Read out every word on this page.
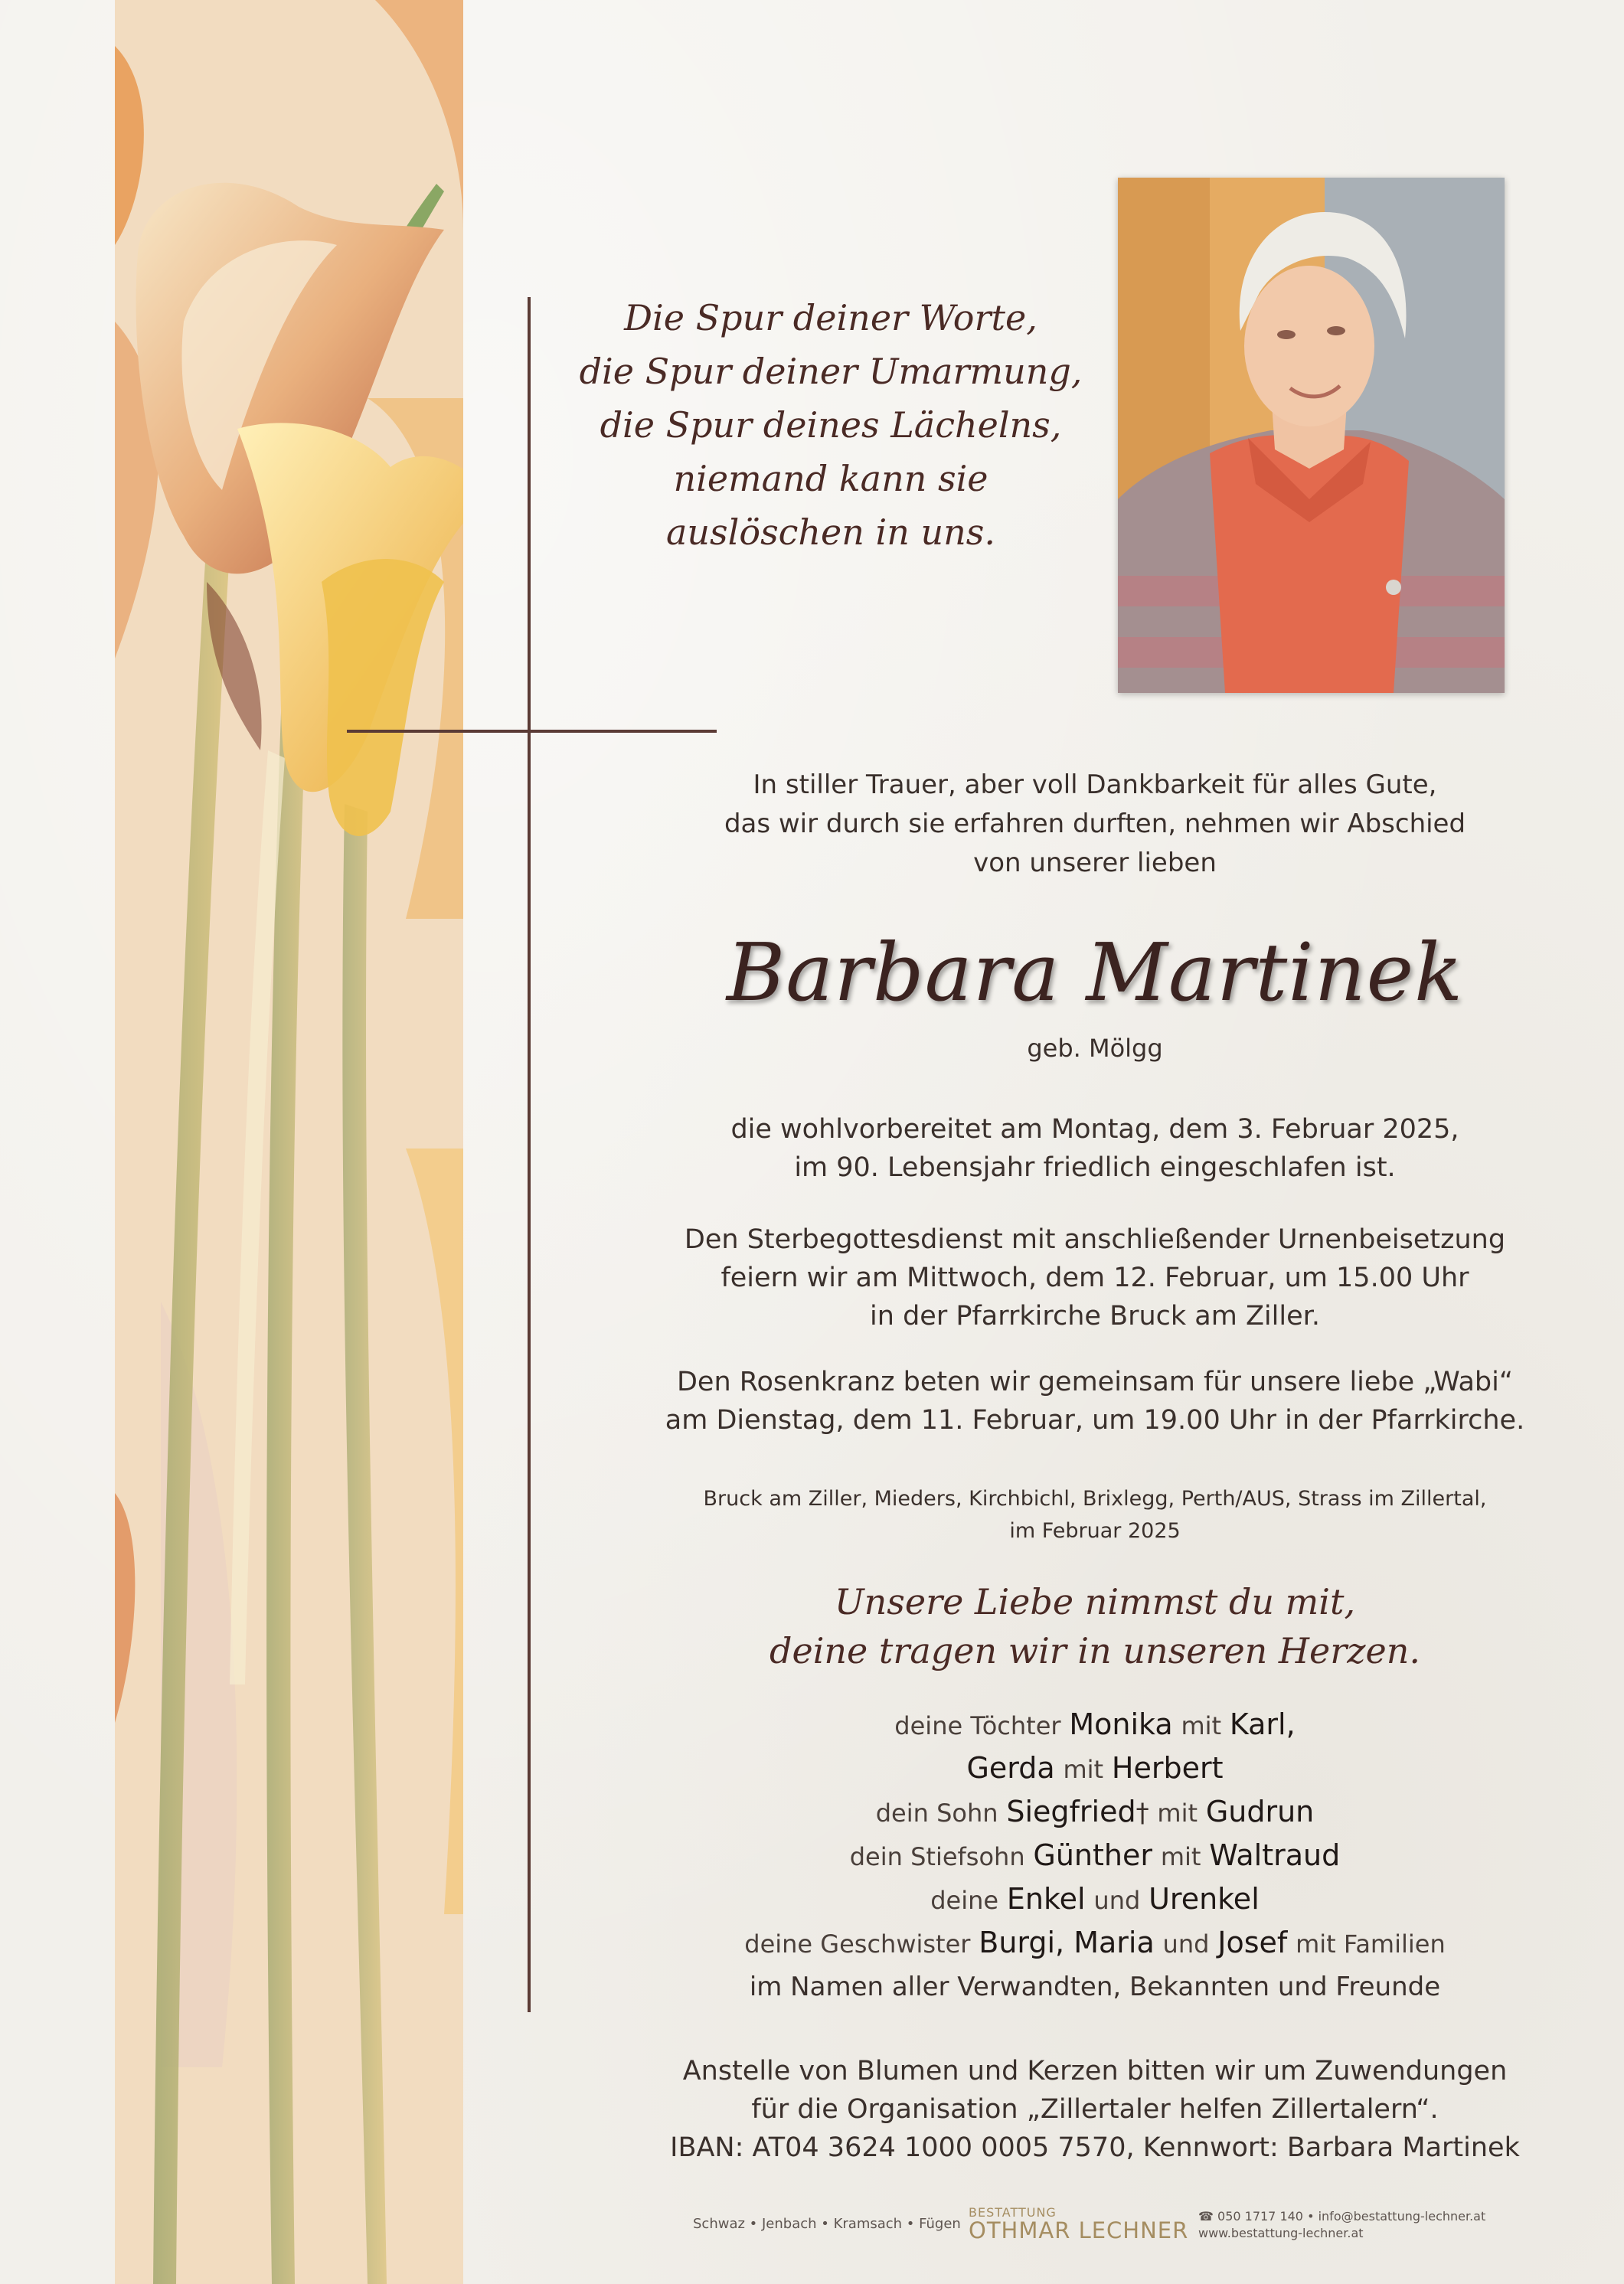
Die Spur deiner Worte,
die Spur deiner Umarmung,
die Spur deines Lächelns,
niemand kann sie
auslöschen in uns.
In stiller Trauer, aber voll Dankbarkeit für alles Gute,
das wir durch sie erfahren durften, nehmen wir Abschied
von unserer lieben
Barbara Martinek
geb. Mölgg
die wohlvorbereitet am Montag, dem 3. Februar 2025,
im 90. Lebensjahr friedlich eingeschlafen ist.
Den Sterbegottesdienst mit anschließender Urnenbeisetzung
feiern wir am Mittwoch, dem 12. Februar, um 15.00 Uhr
in der Pfarrkirche Bruck am Ziller.
Den Rosenkranz beten wir gemeinsam für unsere liebe „Wabi“
am Dienstag, dem 11. Februar, um 19.00 Uhr in der Pfarrkirche.
Bruck am Ziller, Mieders, Kirchbichl, Brixlegg, Perth/AUS, Strass im Zillertal,
im Februar 2025
Unsere Liebe nimmst du mit,
deine tragen wir in unseren Herzen.
deine Töchter Monika mit Karl,
Gerda mit Herbert
dein Sohn Siegfried† mit Gudrun
dein Stiefsohn Günther mit Waltraud
deine Enkel und Urenkel
deine Geschwister Burgi, Maria und Josef mit Familien
im Namen aller Verwandten, Bekannten und Freunde
Anstelle von Blumen und Kerzen bitten wir um Zuwendungen
für die Organisation „Zillertaler helfen Zillertalern“.
IBAN: AT04 3624 1000 0005 7570, Kennwort: Barbara Martinek
Schwaz • Jenbach • Kramsach • Fügen
BESTATTUNG
OTHMAR LECHNER
☎ 050 1717 140 • info@bestattung-lechner.at
www.bestattung-lechner.at
